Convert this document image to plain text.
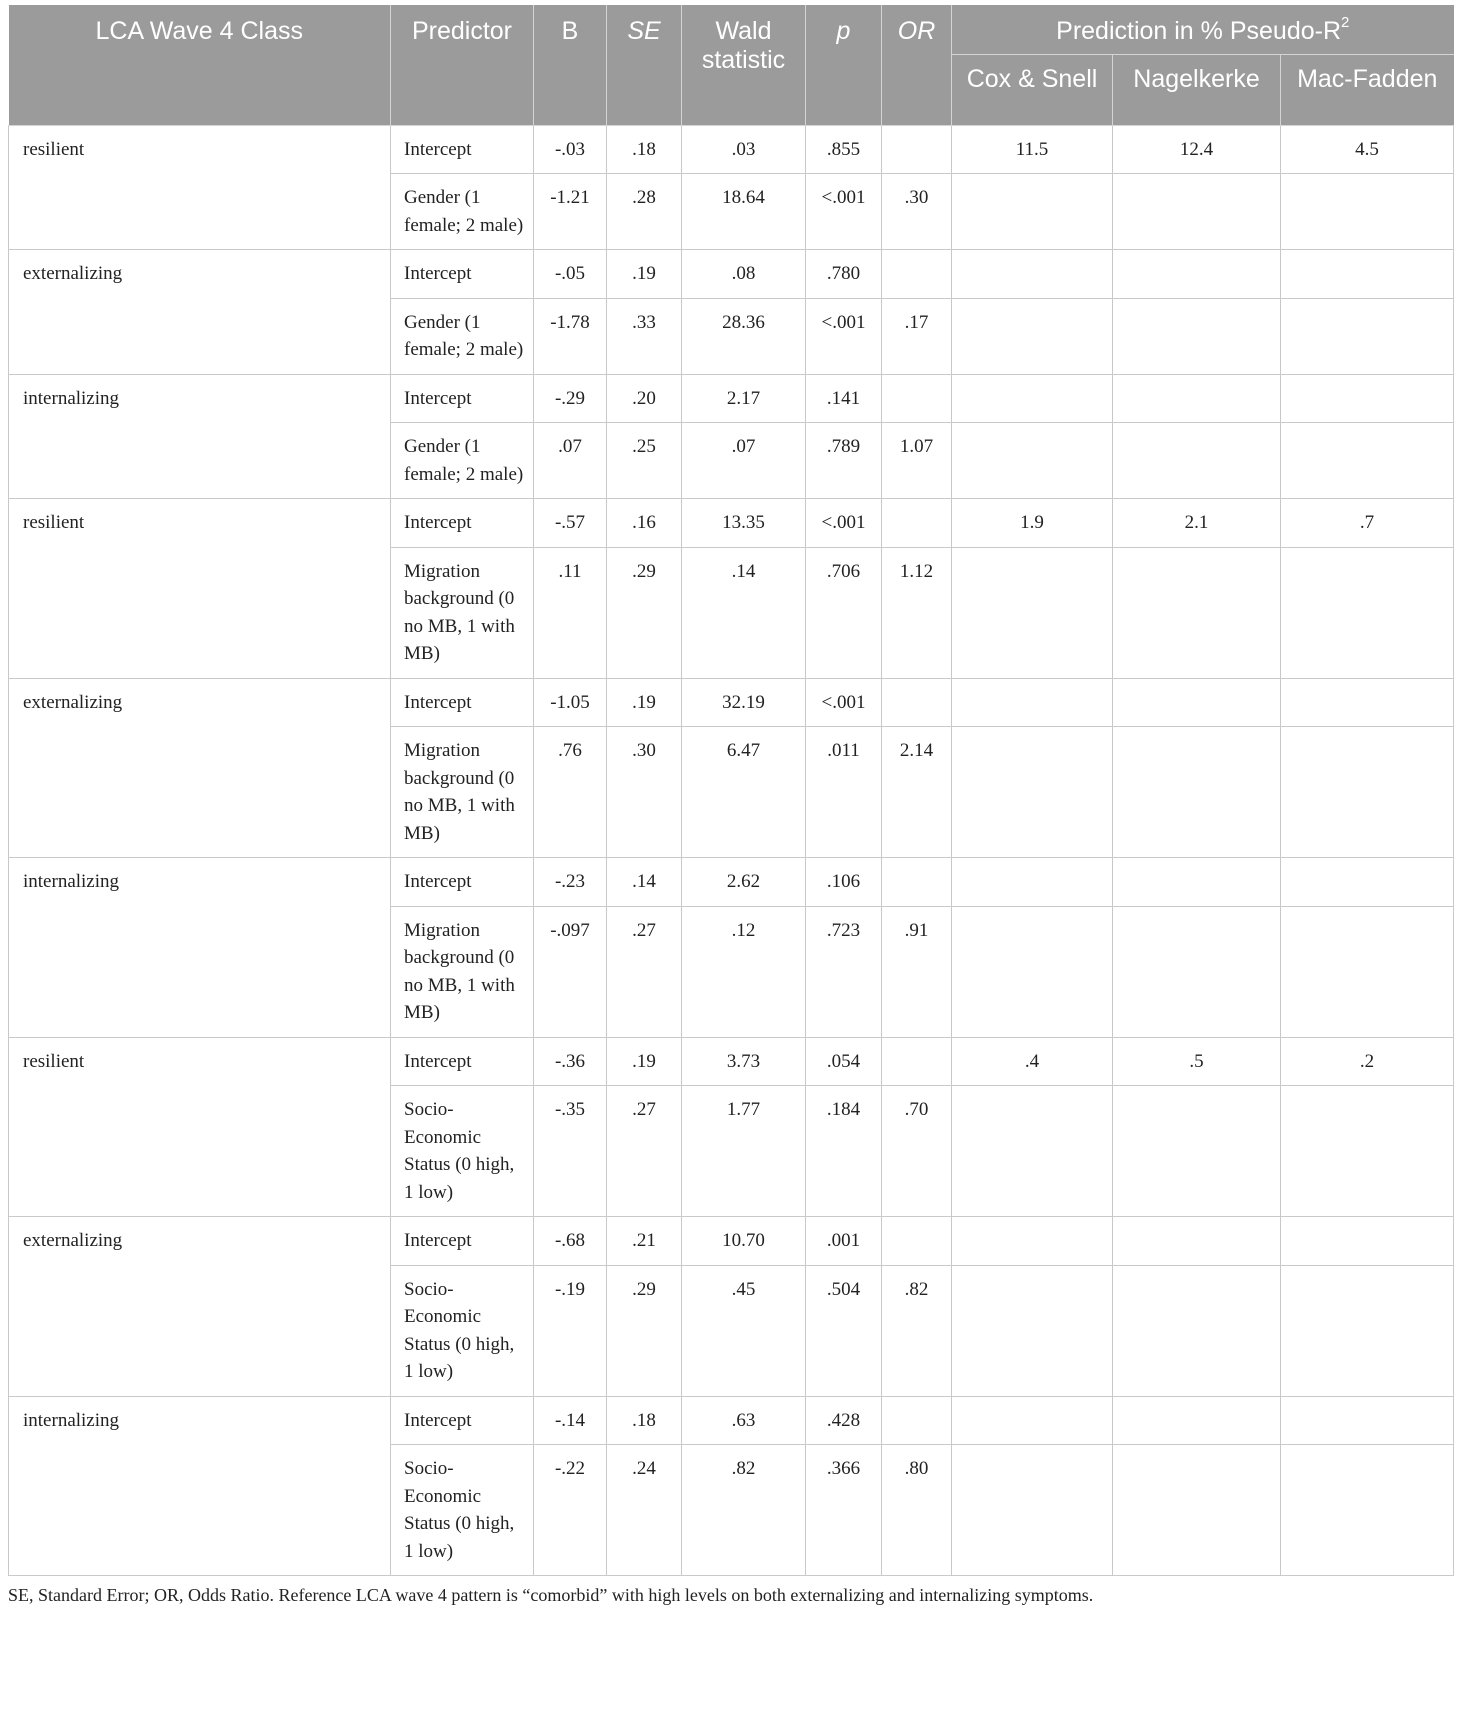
LCA Wave 4 Class	Predictor	B	SE	Wald statistic	p	OR	Prediction in % Pseudo-$R^2$
							Cox & Snell	Nagelkerke	Mac-Fadden
resilient	Intercept	-.03	.18	.03	.855		11.5	12.4	4.5
	Gender (1 female; 2 male)	-1.21	.28	18.64	<.001	.30			
externalizing	Intercept	-.05	.19	.08	.780				
	Gender (1 female; 2 male)	-1.78	.33	28.36	<.001	.17			
internalizing	Intercept	-.29	.20	2.17	.141				
	Gender (1 female; 2 male)	.07	.25	.07	.789	1.07			
resilient	Intercept	-.57	.16	13.35	<.001		1.9	2.1	.7
	Migration background (0 no MB, 1 with MB)	.11	.29	.14	.706	1.12			
externalizing	Intercept	-1.05	.19	32.19	<.001				
	Migration background (0 no MB, 1 with MB)	.76	.30	6.47	.011	2.14			
internalizing	Intercept	-.23	.14	2.62	.106				
	Migration background (0 no MB, 1 with MB)	-.097	.27	.12	.723	.91			
resilient	Intercept	-.36	.19	3.73	.054		.4	.5	.2
	Socio-Economic Status (0 high, 1 low)	-.35	.27	1.77	.184	.70			
externalizing	Intercept	-.68	.21	10.70	.001				
	Socio-Economic Status (0 high, 1 low)	-.19	.29	.45	.504	.82			
internalizing	Intercept	-.14	.18	.63	.428				
	Socio-Economic Status (0 high, 1 low)	-.22	.24	.82	.366	.80			
SE, Standard Error; OR, Odds Ratio. Reference LCA wave 4 pattern is “comorbid” with high levels on both externalizing and internalizing symptoms.
